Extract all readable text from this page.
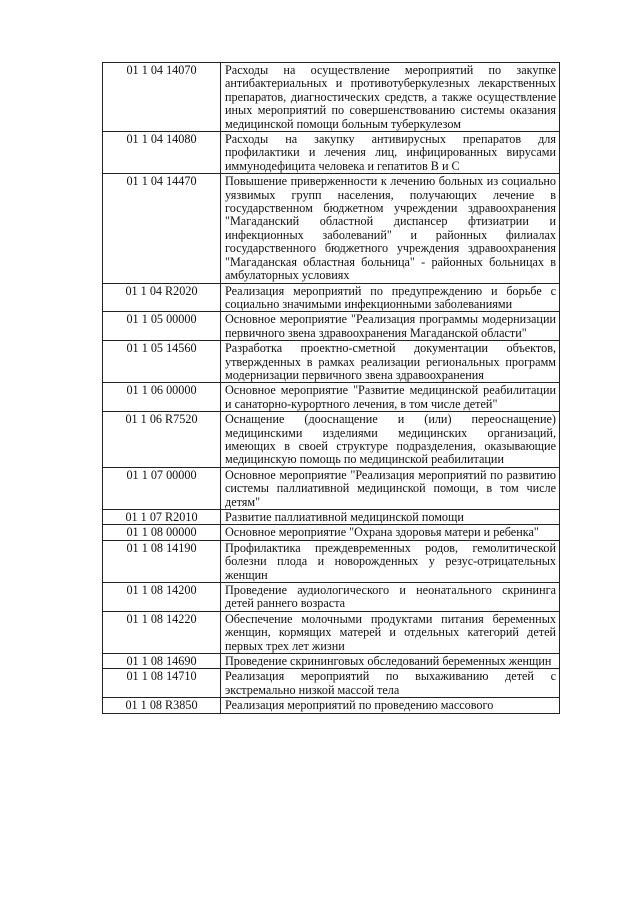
01 1 04 14070	Расходы на осуществление мероприятий по закупке антибактериальных и противотуберкулезных лекарственных препаратов, диагностических средств, а также осуществление иных мероприятий по совершенствованию системы оказания медицинской помощи больным туберкулезом
01 1 04 14080	Расходы на закупку антивирусных препаратов для профилактики и лечения лиц, инфицированных вирусами иммунодефицита человека и гепатитов В и С
01 1 04 14470	Повышение приверженности к лечению больных из социально уязвимых групп населения, получающих лечение в государственном бюджетном учреждении здравоохранения "Магаданский областной диспансер фтизиатрии и инфекционных заболеваний" и районных филиалах государственного бюджетного учреждения здравоохранения "Магаданская областная больница" - районных больницах в амбулаторных условиях
01 1 04 R2020	Реализация мероприятий по предупреждению и борьбе с социально значимыми инфекционными заболеваниями
01 1 05 00000	Основное мероприятие "Реализация программы модернизации первичного звена здравоохранения Магаданской области"
01 1 05 14560	Разработка проектно-сметной документации объектов, утвержденных в рамках реализации региональных программ модернизации первичного звена здравоохранения
01 1 06 00000	Основное мероприятие "Развитие медицинской реабилитации и санаторно-курортного лечения, в том числе детей"
01 1 06 R7520	Оснащение (дооснащение и (или) переоснащение) медицинскими изделиями медицинских организаций, имеющих в своей структуре подразделения, оказывающие медицинскую помощь по медицинской реабилитации
01 1 07 00000	Основное мероприятие "Реализация мероприятий по развитию системы паллиативной медицинской помощи, в том числе детям"
01 1 07 R2010	Развитие паллиативной медицинской помощи
01 1 08 00000	Основное мероприятие "Охрана здоровья матери и ребенка"
01 1 08 14190	Профилактика преждевременных родов, гемолитической болезни плода и новорожденных у резус-отрицательных женщин
01 1 08 14200	Проведение аудиологического и неонатального скрининга детей раннего возраста
01 1 08 14220	Обеспечение молочными продуктами питания беременных женщин, кормящих матерей и отдельных категорий детей первых трех лет жизни
01 1 08 14690	Проведение скрининговых обследований беременных женщин
01 1 08 14710	Реализация мероприятий по выхаживанию детей с экстремально низкой массой тела
01 1 08 R3850	Реализация мероприятий по проведению массового
